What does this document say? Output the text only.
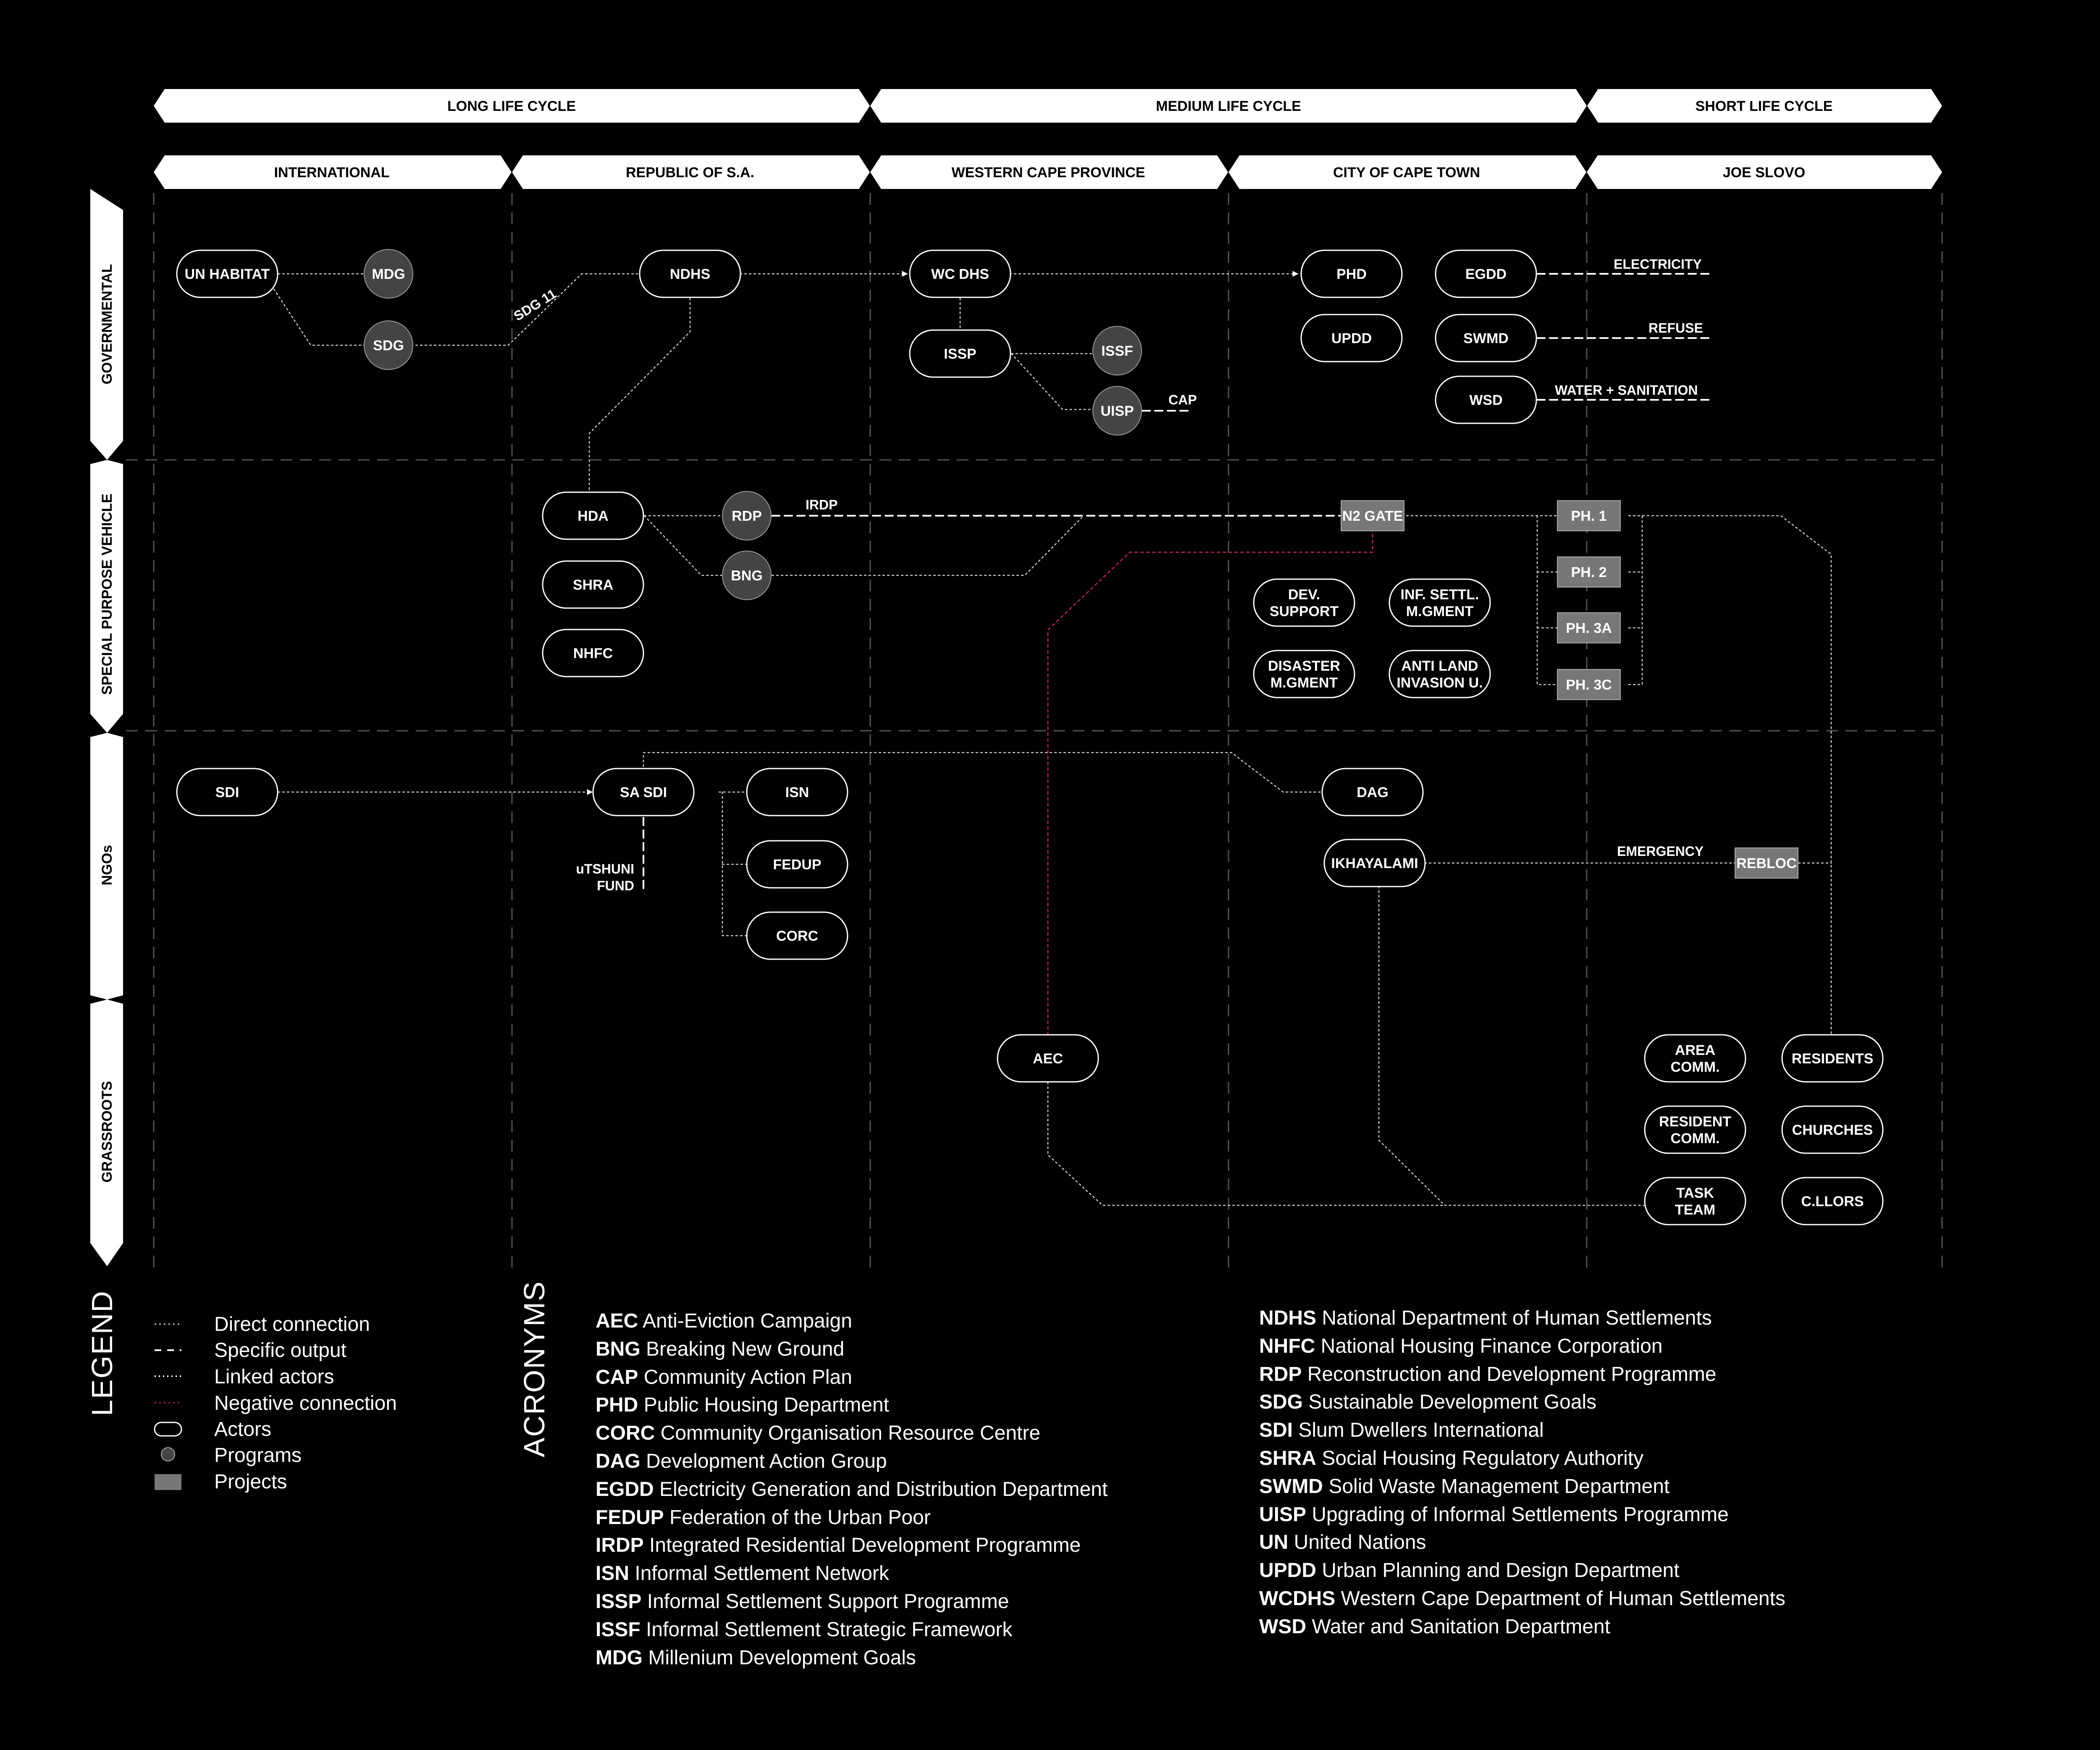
LONG LIFE CYCLE	MEDIUM LIFE CYCLE	SHORT LIFE CYCLE
INTERNATIONAL	REPUBLIC OF S.A.	WESTERN CAPE PROVINCE	CITY OF CAPE TOWN	JOE SLOVO
GOVERNMENTAL
SPECIAL PURPOSE VEHICLE
NGOs
GRASSROOTS
SDG 11
CAP
ELECTRICITY
REFUSE
WATER + SANITATION
IRDP
EMERGENCY
uTSHUNI
FUND
UN HABITAT	NDHS	WC DHS
ISSP
PHD
UPDD
EGDD
SWMD
WSD
HDA
SHRA
NHFC
DEV.
SUPPORT
DISASTER
M.GMENT
INF. SETTL.
M.GMENT
ANTI LAND
INVASION U.
SDI	SA SDI	ISN
FEDUP
CORC
DAG
IKHAYALAMI
AEC
AREA
COMM.
RESIDENT
COMM.
TASK
TEAM
RESIDENTS
CHURCHES
C.LLORS
MDG
SDG	ISSF
UISP
RDP
BNG
N2 GATE	PH. 1
PH. 2
PH. 3A
PH. 3C
REBLOC
LEGEND	Direct connection
Specific output
Linked actors
Negative connection
Actors
Programs
Projects
ACRONYMS AEC Anti-Eviction Campaign
BNG Breaking New Ground
CAP Community Action Plan
PHD Public Housing Department
CORC Community Organisation Resource Centre
DAG Development Action Group
EGDD Electricity Generation and Distribution Department
FEDUP Federation of the Urban Poor
IRDP Integrated Residential Development Programme
ISN Informal Settlement Network
ISSP Informal Settlement Support Programme
ISSF Informal Settlement Strategic Framework
MDG Millenium Development Goals
NDHS National Department of Human Settlements
NHFC National Housing Finance Corporation
RDP Reconstruction and Development Programme
SDG Sustainable Development Goals
SDI Slum Dwellers International
SHRA Social Housing Regulatory Authority
SWMD Solid Waste Management Department
UISP Upgrading of Informal Settlements Programme
UN United Nations
UPDD Urban Planning and Design Department
WCDHS Western Cape Department of Human Settlements
WSD Water and Sanitation Department
